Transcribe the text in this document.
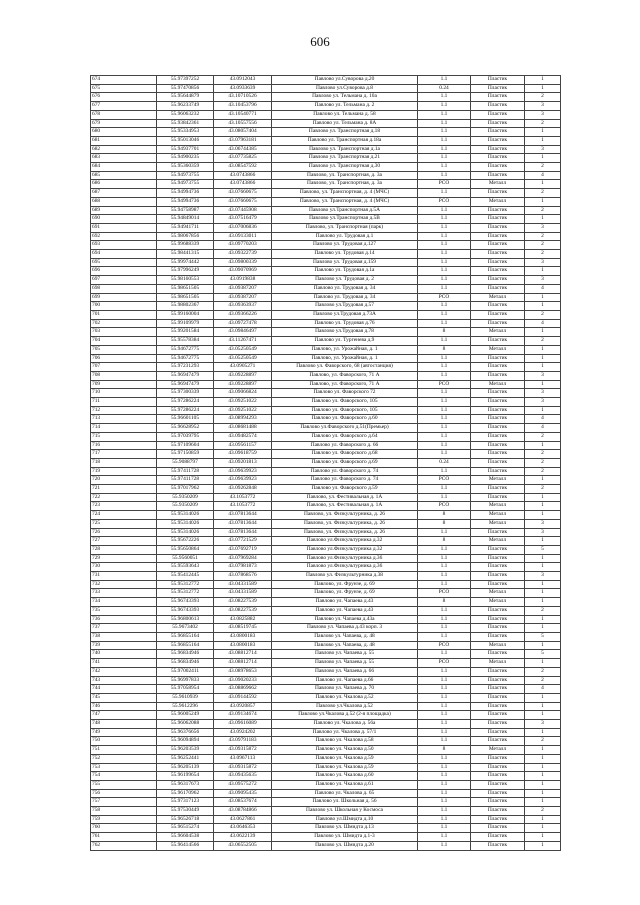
606
674	55.97397252	43.0912043	Павлово ул.Суворова д.20	1.1	Пластик	1
675	55.97470856	43.0933639	Павлово ул.Суворова д.8	0.24	Пластик	1
676	55.95644879	43.10710526	Павлово ул. Тельмана д. 10а	1.1	Пластик	2
677	55.96233749	43.10453796	Павлово ул. Тельмана д. 2	1.1	Пластик	3
678	55.96063232	43.10540771	Павлово ул. Тельмана д. 58	1.1	Пластик	3
679	55.93842361	43.10557556	Павлово ул. Тельмана д. 8А	1.1	Пластик	2
680	55.95334953	43.08057404	Павлово ул. Транспортная д.18	1.1	Пластик	1
681	55.95013046	43.07963181	Павлово ул. Транспортная д.18а	1.1	Пластик	1
682	55.94937701	43.06744385	Павлово ул. Транспортная д.1а	1.1	Пластик	3
683	55.94900235	43.07735825	Павлово ул. Транспортная д.21	1.1	Пластик	1
684	55.95360359	43.08547592	Павлово ул. Транспортная д.30	1.1	Пластик	2
685	55.94973755	43.0743866	Павлово, ул. Транспортная, д. 3а	1.1	Пластик	4
686	55.94973755	43.0743866	Павлово, ул. Транспортная, д. 3а	РСО	Металл	1
687	55.94994736	43.07660675	Павлово, ул. Транспортная, д. 4 (МЧС)	1.1	Пластик	2
688	55.94994736	43.07660675	Павлово, ул. Транспортная, д. 4 (МЧС)	РСО	Металл	1
689	55.94758987	43.07445908	Павлово ул.Транспортная д.5А	1.1	Пластик	2
690	55.94849014	43.07516479	Павлово ул.Транспортная д.5В	1.1	Пластик	1
691	55.94941711	43.07006836	Павлово, ул. Транспортная (парк)	1.1	Пластик	3
692	55.98067856	43.09133011	Павлово ул. Трудовая д.1	1.1	Пластик	2
693	55.99688339	43.09770203	Павлово ул. Трудовая д.127	1.1	Пластик	2
694	55.98441315	43.09322739	Павлово ул. Трудовая д.14	1.1	Пластик	2
695	55.99974442	43.09800339	Павлово ул. Трудовая д.159	1.1	Пластик	3
696	55.97996249	43.09070969	Павлово ул. Трудовая д.1а	1.1	Пластик	1
697	55.98160553	43.0919838	Павлово ул. Трудовая д. 2	1.1	Пластик	3
698	55.98651505	43.09387207	Павлово ул. Трудовая д. 34	1.1	Пластик	4
699	55.98651505	43.09387207	Павлово ул. Трудовая д. 34	РСО	Металл	1
700	55.98802367	43.09363937	Павлово ул.Трудовая д.57	1.1	Пластик	1
701	55.99160004	43.09366226	Павлово ул.Трудовая д.73А	1.1	Пластик	2
702	55.99109979	43.09727478	Павлово ул. Трудовая д.76	1.1	Пластик	4
703	55.99201584	43.09846497	Павлово ул.Трудовая д.78	8	Металл	1
704	55.95578384	43.11267471	Павлово ул. Тургенева д.9	1.1	Пластик	2
705	55.94672775	43.05250549	Павлово, ул. Урожайная, д. 1	8	Металл	1
706	55.94672775	43.05250549	Павлово, ул. Урожайная, д. 1	1.1	Пластик	1
707	55.97231293	43.0905271	Павлово ул. Фаворского, 68 (автостанция)	1.1	Пластик	1
708	55.96947479	43.09228897	Павлово, ул. Фаворского, 71 А	1.1	Пластик	3
709	55.96947479	43.09228897	Павлово, ул. Фаворского, 71 А	РСО	Металл	1
710	55.97300339	43.09066824	Павлово ул. Фаворского 72	1.1	Пластик	3
711	55.97286224	43.09251022	Павлово ул. Фаворского, 105	1.1	Пластик	3
712	55.97286224	43.09251022	Павлово ул. Фаворского, 105	1.1	Пластик	1
713	55.96601105	43.08994293	Павлово ул. Фаворского д.60	1.1	Пластик	4
714	55.96628952	43.08681488	Павлово ул.Фаворского д.51(Премьер)	1.1	Пластик	4
715	55.97039795	43.09482574	Павлово ул. Фаворского д.64	1.1	Пластик	2
716	55.97109604	43.09561157	Павлово ул. Фаворского д. 66	1.1	Пластик	1
717	55.97150859	43.09618759	Павлово ул. Фаворского д.68	1.1	Пластик	2
718	55.9088797	43.09201813	Павлово ул. Фаворского д.69	0.24	Пластик	2
719	55.97411728	43.09639923	Павлово ул. Фаворского д. 74	1.1	Пластик	2
720	55.97411728	43.09639923	Павлово ул. Фаворского д. 74	РСО	Металл	1
721	55.97017962	43.09262848	Павлово ул. Фаворского д.59	1.1	Пластик	2
722	55.9350209	43.1053772	Павлово, ул. Фестивальная д. 1А	1.1	Пластик	1
723	55.9350209	43.1053772	Павлово, ул. Фестивальная д. 1А	РСО	Металл	1
724	55.95314026	43.07813644	Павлово, ул. Физкультурника, д. 26	8	Металл	1
725	55.95314026	43.07813644	Павлово, ул. Физкультурника, д. 26	8	Металл	3
726	55.95314026	43.07813644	Павлово, ул. Физкультурника, д. 26	1.1	Пластик	3
727	55.95672226	43.07721529	Павлово ул.Физкультурника д.32	8	Металл	1
728	55.95650864	43.07692719	Павлово ул.Физкультурника д.32	1.1	Пластик	5
729	55.9560051	43.07969284	Павлово ул.Физкультурника д.36	1.1	Пластик	1
730	55.95593643	43.07981873	Павлово ул.Физкультурника д.36	1.1	Пластик	1
731	55.95412445	43.07868576	Павлово ул. Физкультурника д.38	1.1	Пластик	3
732	55.95312772	43.04331589	Павлово, ул. Фрунзе, д. 69	1.1	Пластик	1
733	55.95312772	43.04331589	Павлово, ул. Фрунзе, д. 69	РСО	Металл	1
734	55.96743393	43.08227539	Павлово ул. Чапаева д.43	8	Металл	1
735	55.96743393	43.08227539	Павлово ул. Чапаева д.43	1.1	Пластик	2
736	55.96800613	43.0825882	Павлово ул. Чапаева д.43а	1.1	Пластик	1
737	55.9673402	43.08519745	Павлово ул. Чапаева д.43 корп. 3	1.1	Пластик	1
738	55.96855164	43.0800183	Павлово ул. Чапаева, д. 48	1.1	Пластик	5
739	55.96855164	43.0800183	Павлово ул. Чапаева, д. 48	РСО	Металл	1
740	55.96834946	43.08812714	Павлово ул. Чапаева д. 55	1.1	Пластик	5
741	55.96834946	43.08812714	Павлово ул. Чапаева д. 55	РСО	Металл	1
742	55.97002411	43.08978653	Павлово ул. Чапаева д. 66	1.1	Пластик	2
743	55.96997833	43.09020233	Павлово ул. Чапаева д.66	1.1	Пластик	2
744	55.97058954	43.08869662	Павлово ул. Чапаева д. 70	1.1	Пластик	4
745	55.9610939	43.09144592	Павлово ул. Чкалова д.52	1.1	Пластик	1
746	55.9612296	43.0920857	Павлово ул.Чкалова д.52	1.1	Пластик	1
747	55.96005249	43.09134674	Павлово ул.Чкалова д.52 (2-я площадка)	1.1	Пластик	1
748	55.96062088	43.09616089	Павлово ул. Чкалова д. 56а	1.1	Пластик	3
749	55.96376656	43.0924202	Павлово ул. Чкалова д. 57/1	1.1	Пластик	1
750	55.96094894	43.09791183	Павлово ул. Чкалова д.58	1.1	Пластик	2
751	55.96203539	43.09315872	Павлово ул. Чкалова д.50	8	Металл	1
752	55.96252441	43.0967113	Павлово ул. Чкалова д.59	1.1	Пластик	1
753	55.96205139	43.09315872	Павлово ул. Чкалова д.59	1.1	Пластик	1
754	55.96199654	43.09435635	Павлово ул. Чкалова д.60	1.1	Пластик	1
755	55.96317673	43.09575272	Павлово ул. Чкалова д.61	1.1	Пластик	1
756	55.96170962	43.09095435	Павлово ул. Чкалова д. 65	1.1	Пластик	1
757	55.97317123	43.08537674	Павлово ул. Школьная д. 56	1.1	Пластик	1
758	55.97530449	43.08784866	Павлово ул. Школьная у Космоса	1.1	Пластик	2
759	55.96526718	43.0627861	Павлово ул.Шмидта д.10	1.1	Пластик	1
760	55.96515274	43.0646353	Павлово ул. Шмидта д.13	1.1	Пластик	1
761	55.96604538	43.0622139	Павлово ул. Шмидта д.1-3	1.1	Пластик	1
762	55.96414566	43.06552505	Павлово ул. Шмидта д.20	1.1	Пластик	1
